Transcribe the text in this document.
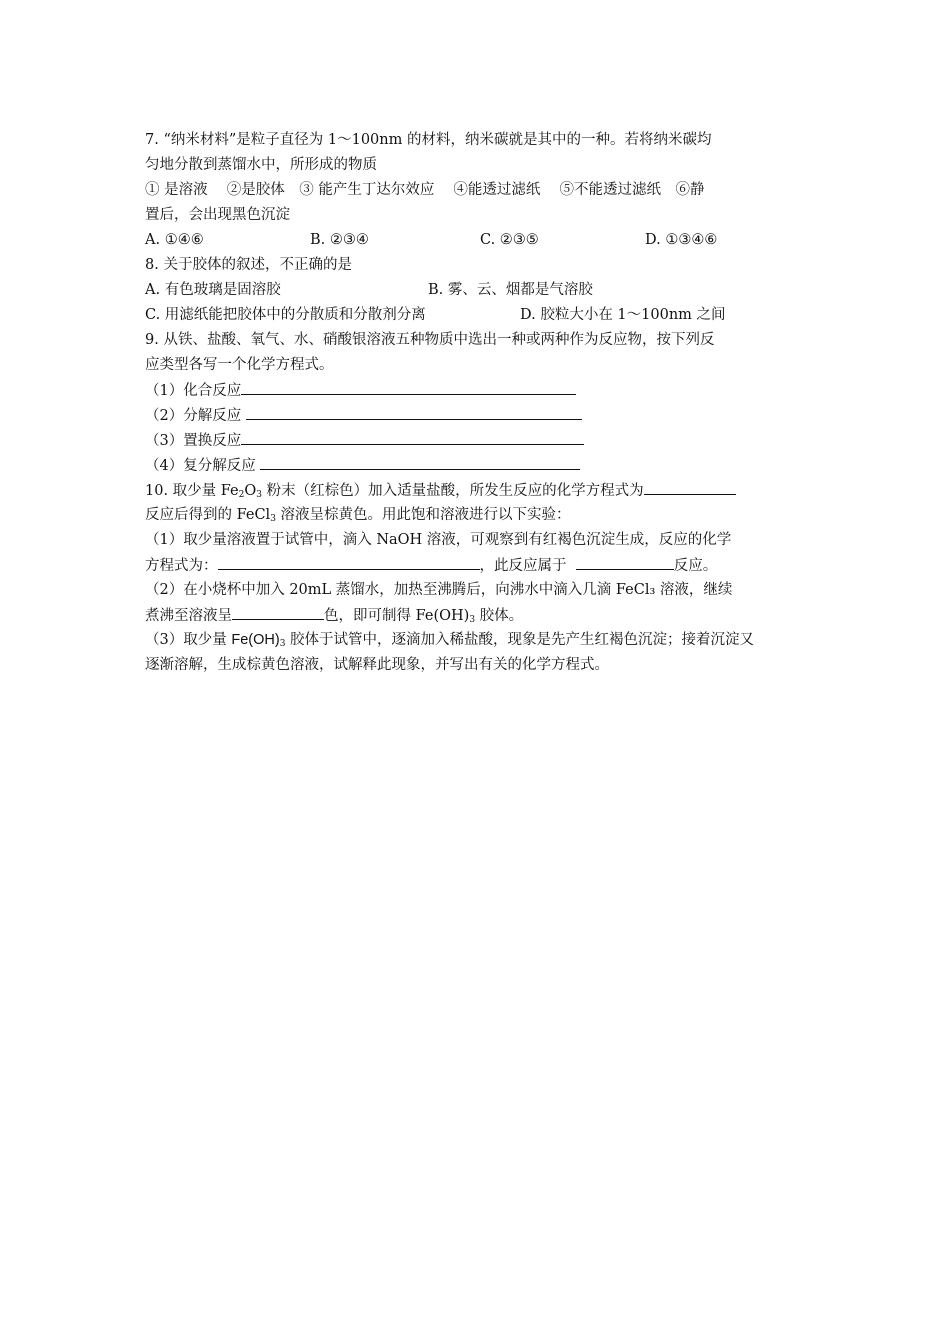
7. “纳米材料”是粒子直径为 1～100nm 的材料，纳米碳就是其中的一种。若将纳米碳均
匀地分散到蒸馏水中，所形成的物质
① 是溶液　 ②是胶体　③ 能产生丁达尔效应　 ④能透过滤纸　 ⑤不能透过滤纸　⑥静
置后，会出现黑色沉淀
A. ①④⑥	B. ②③④	C. ②③⑤	D. ①③④⑥
8. 关于胶体的叙述，不正确的是
A. 有色玻璃是固溶胶	B. 雾、云、烟都是气溶胶
C. 用滤纸能把胶体中的分散质和分散剂分离	D. 胶粒大小在 1～100nm 之间
9. 从铁、盐酸、氧气、水、硝酸银溶液五种物质中选出一种或两种作为反应物，按下列反
应类型各写一个化学方程式。
（1）化合反应
（2）分解反应
（3）置换反应
（4）复分解反应
10. 取少量 $Fe_2O_3$ 粉末（红棕色）加入适量盐酸，所发生反应的化学方程式为
反应后得到的 FeCl$_3$ 溶液呈棕黄色。用此饱和溶液进行以下实验：
（1）取少量溶液置于试管中，滴入 NaOH 溶液，可观察到有红褐色沉淀生成，反应的化学
方程式为：	，此反应属于	反应。
（2）在小烧杯中加入 20mL 蒸馏水，加热至沸腾后，向沸水中滴入几滴 FeCl₃ 溶液，继续
煮沸至溶液呈	色，即可制得 $Fe(OH)_3$ 胶体。
（3）取少量 $Fe(OH)_3$ 胶体于试管中，逐滴加入稀盐酸，现象是先产生红褐色沉淀；接着沉淀又
逐渐溶解，生成棕黄色溶液，试解释此现象，并写出有关的化学方程式。
